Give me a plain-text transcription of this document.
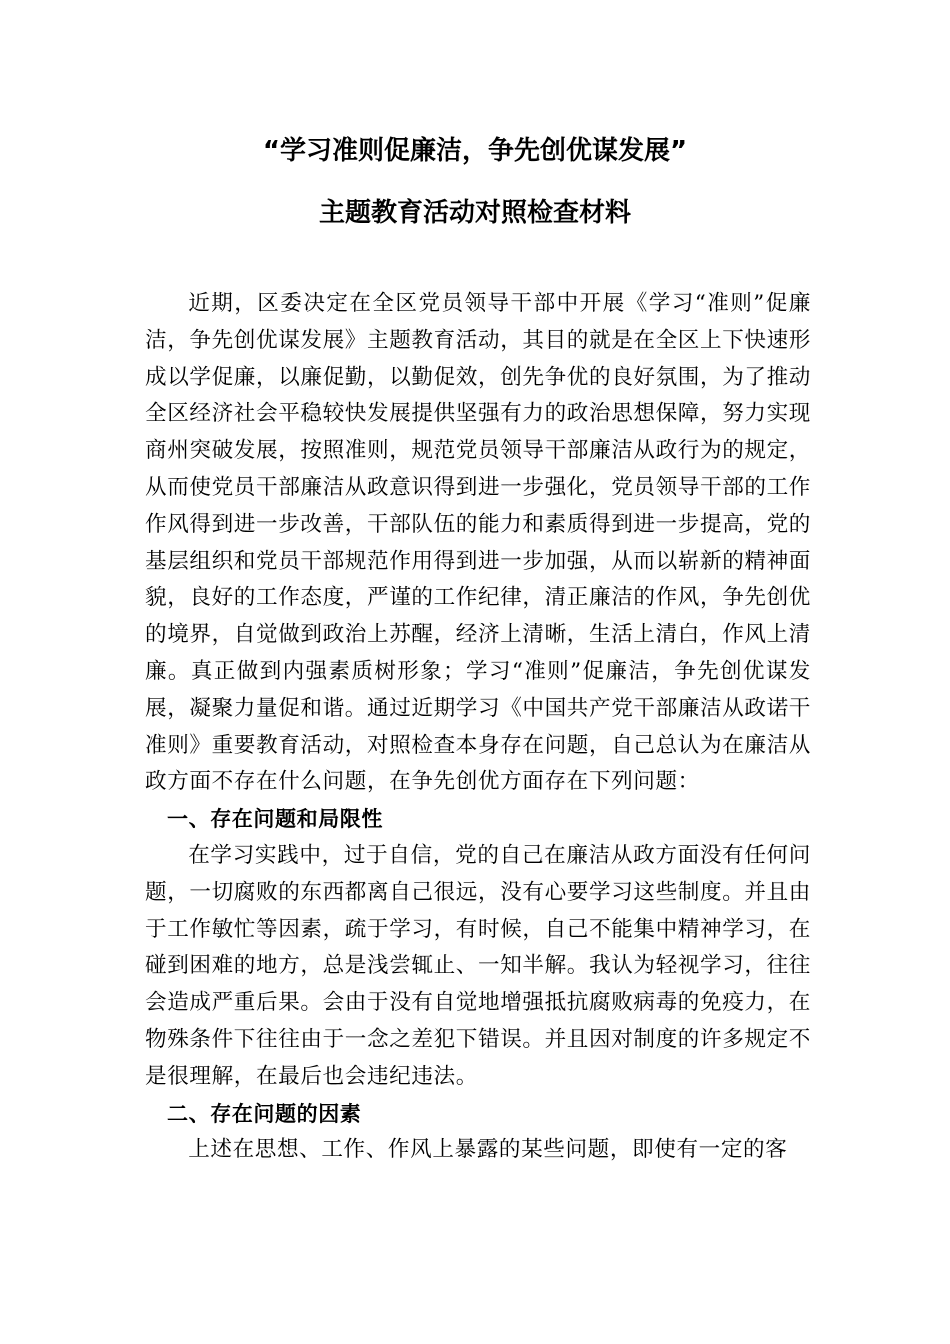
“学习准则促廉洁，争先创优谋发展”
主题教育活动对照检查材料

近期，区委决定在全区党员领导干部中开展《学习“准则”促廉洁，争先创优谋发展》主题教育活动，其目的就是在全区上下快速形成以学促廉，以廉促勤，以勤促效，创先争优的良好氛围，为了推动全区经济社会平稳较快发展提供坚强有力的政治思想保障，努力实现商州突破发展，按照准则，规范党员领导干部廉洁从政行为的规定，从而使党员干部廉洁从政意识得到进一步强化，党员领导干部的工作作风得到进一步改善，干部队伍的能力和素质得到进一步提高，党的基层组织和党员干部规范作用得到进一步加强，从而以崭新的精神面貌，良好的工作态度，严谨的工作纪律，清正廉洁的作风，争先创优的境界，自觉做到政治上苏醒，经济上清晰，生活上清白，作风上清廉。真正做到内强素质树形象；学习“准则”促廉洁，争先创优谋发展，凝聚力量促和谐。通过近期学习《中国共产党干部廉洁从政诺干准则》重要教育活动，对照检查本身存在问题，自己总认为在廉洁从政方面不存在什么问题，在争先创优方面存在下列问题：

一、存在问题和局限性

在学习实践中，过于自信，党的自己在廉洁从政方面没有任何问题，一切腐败的东西都离自己很远，没有心要学习这些制度。并且由于工作敏忙等因素，疏于学习，有时候，自己不能集中精神学习，在碰到困难的地方，总是浅尝辄止、一知半解。我认为轻视学习，往往会造成严重后果。会由于没有自觉地增强抵抗腐败病毒的免疫力，在物殊条件下往往由于一念之差犯下错误。并且因对制度的许多规定不是很理解，在最后也会违纪违法。

二、存在问题的因素

上述在思想、工作、作风上暴露的某些问题，即使有一定的客
